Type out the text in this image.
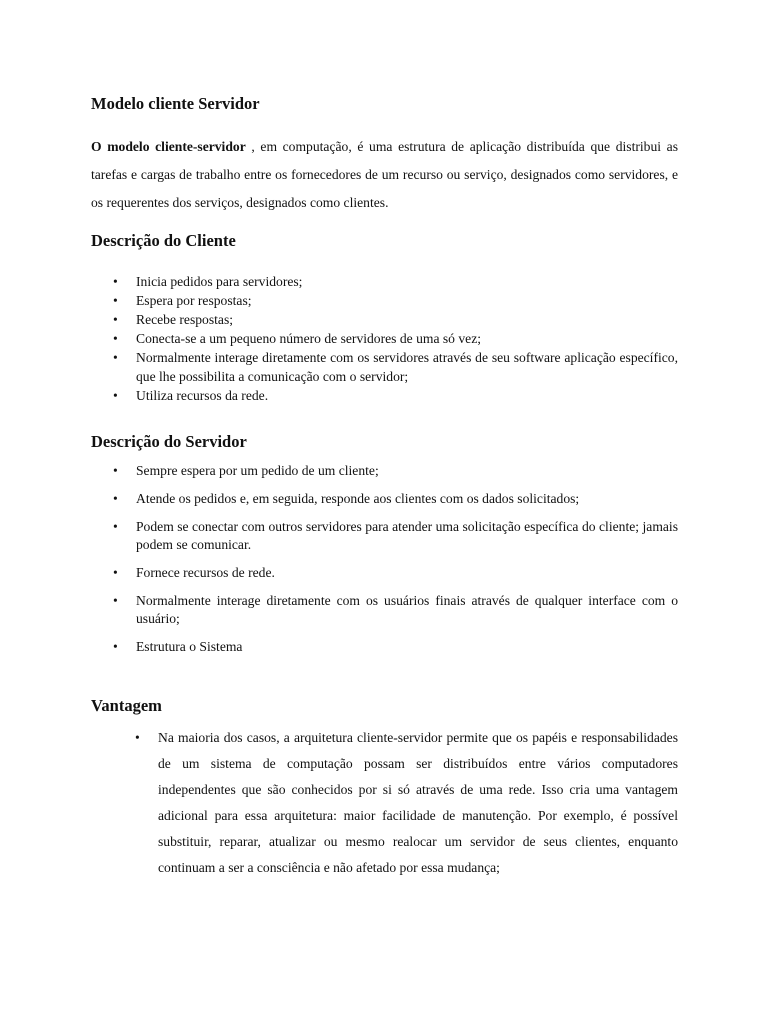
Modelo cliente Servidor

O modelo cliente-servidor , em computação, é uma estrutura de aplicação distribuída que distribui as tarefas e cargas de trabalho entre os fornecedores de um recurso ou serviço, designados como servidores, e os requerentes dos serviços, designados como clientes.

Descrição do Cliente
• Inicia pedidos para servidores;
• Espera por respostas;
• Recebe respostas;
• Conecta-se a um pequeno número de servidores de uma só vez;
• Normalmente interage diretamente com os servidores através de seu software aplicação específico, que lhe possibilita a comunicação com o servidor;
• Utiliza recursos da rede.
Descrição do Servidor
• Sempre espera por um pedido de um cliente;
• Atende os pedidos e, em seguida, responde aos clientes com os dados solicitados;
• Podem se conectar com outros servidores para atender uma solicitação específica do cliente; jamais podem se comunicar.
• Fornece recursos de rede.
• Normalmente interage diretamente com os usuários finais através de qualquer interface com o usuário;
• Estrutura o Sistema
Vantagem
• Na maioria dos casos, a arquitetura cliente-servidor permite que os papéis e responsabilidades de um sistema de computação possam ser distribuídos entre vários computadores independentes que são conhecidos por si só através de uma rede. Isso cria uma vantagem adicional para essa arquitetura: maior facilidade de manutenção. Por exemplo, é possível substituir, reparar, atualizar ou mesmo realocar um servidor de seus clientes, enquanto continuam a ser a consciência e não afetado por essa mudança;
